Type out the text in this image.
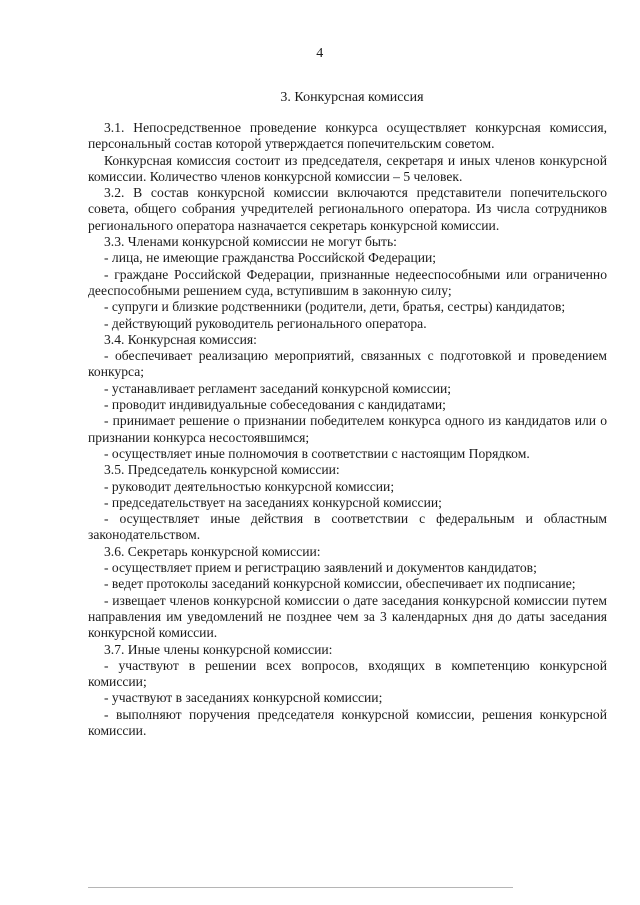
4
3. Конкурсная комиссия

3.1. Непосредственное проведение конкурса осуществляет конкурсная комиссия, персональный состав которой утверждается попечительским советом.

Конкурсная комиссия состоит из председателя, секретаря и иных членов конкурсной комиссии. Количество членов конкурсной комиссии – 5 человек.

3.2. В состав конкурсной комиссии включаются представители попечительского совета, общего собрания учредителей регионального оператора. Из числа сотрудников регионального оператора назначается секретарь конкурсной комиссии.

3.3. Членами конкурсной комиссии не могут быть:

- лица, не имеющие гражданства Российской Федерации;

- граждане Российской Федерации, признанные недееспособными или ограниченно дееспособными решением суда, вступившим в законную силу;

- супруги и близкие родственники (родители, дети, братья, сестры) кандидатов;

- действующий руководитель регионального оператора.

3.4. Конкурсная комиссия:

- обеспечивает реализацию мероприятий, связанных с подготовкой и проведением конкурса;

- устанавливает регламент заседаний конкурсной комиссии;

- проводит индивидуальные собеседования с кандидатами;

- принимает решение о признании победителем конкурса одного из кандидатов или о признании конкурса несостоявшимся;

- осуществляет иные полномочия в соответствии с настоящим Порядком.

3.5. Председатель конкурсной комиссии:

- руководит деятельностью конкурсной комиссии;

- председательствует на заседаниях конкурсной комиссии;

- осуществляет иные действия в соответствии с федеральным и областным законодательством.

3.6. Секретарь конкурсной комиссии:

- осуществляет прием и регистрацию заявлений и документов кандидатов;

- ведет протоколы заседаний конкурсной комиссии, обеспечивает их подписание;

- извещает членов конкурсной комиссии о дате заседания конкурсной комиссии путем направления им уведомлений не позднее чем за 3 календарных дня до даты заседания конкурсной комиссии.

3.7. Иные члены конкурсной комиссии:

- участвуют в решении всех вопросов, входящих в компетенцию конкурсной комиссии;

- участвуют в заседаниях конкурсной комиссии;

- выполняют поручения председателя конкурсной комиссии, решения конкурсной комиссии.
